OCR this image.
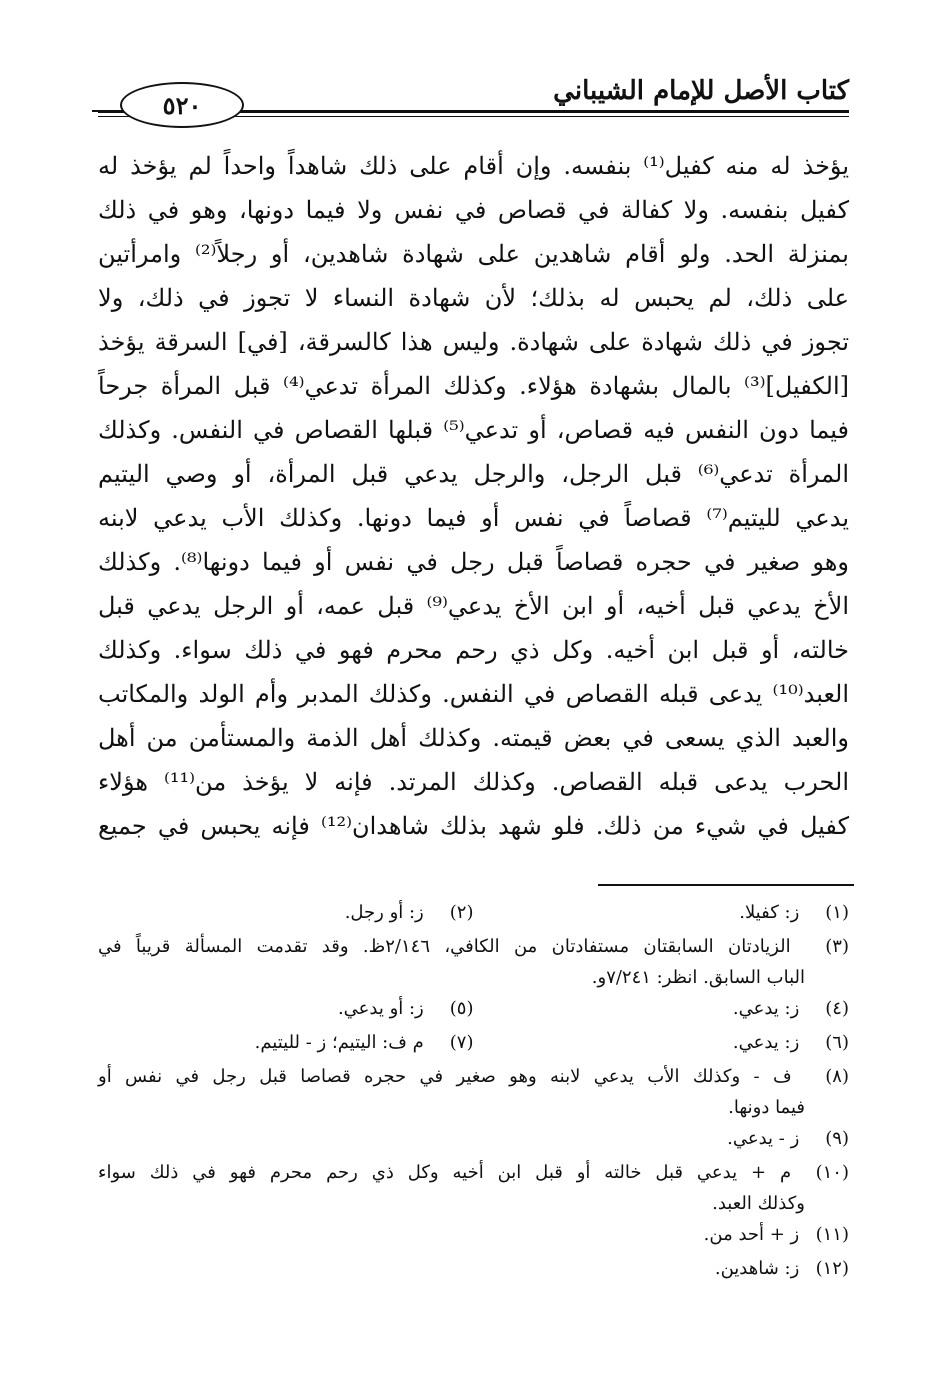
كتاب الأصل للإمام الشيباني
٥٢٠
يؤخذ له منه كفيل⁽¹⁾ بنفسه. وإن أقام على ذلك شاهداً واحداً لم يؤخذ له
كفيل بنفسه. ولا كفالة في قصاص في نفس ولا فيما دونها، وهو في ذلك
بمنزلة الحد. ولو أقام شاهدين على شهادة شاهدين، أو رجلاً⁽²⁾ وامرأتين
على ذلك، لم يحبس له بذلك؛ لأن شهادة النساء لا تجوز في ذلك، ولا
تجوز في ذلك شهادة على شهادة. وليس هذا كالسرقة، [في] السرقة يؤخذ
[الكفيل]⁽³⁾ بالمال بشهادة هؤلاء. وكذلك المرأة تدعي⁽⁴⁾ قبل المرأة جرحاً
فيما دون النفس فيه قصاص، أو تدعي⁽⁵⁾ قبلها القصاص في النفس. وكذلك
المرأة تدعي⁽⁶⁾ قبل الرجل، والرجل يدعي قبل المرأة، أو وصي اليتيم
يدعي لليتيم⁽⁷⁾ قصاصاً في نفس أو فيما دونها. وكذلك الأب يدعي لابنه
وهو صغير في حجره قصاصاً قبل رجل في نفس أو فيما دونها⁽⁸⁾. وكذلك
الأخ يدعي قبل أخيه، أو ابن الأخ يدعي⁽⁹⁾ قبل عمه، أو الرجل يدعي قبل
خالته، أو قبل ابن أخيه. وكل ذي رحم محرم فهو في ذلك سواء. وكذلك
العبد⁽¹⁰⁾ يدعى قبله القصاص في النفس. وكذلك المدبر وأم الولد والمكاتب
والعبد الذي يسعى في بعض قيمته. وكذلك أهل الذمة والمستأمن من أهل
الحرب يدعى قبله القصاص. وكذلك المرتد. فإنه لا يؤخذ من⁽¹¹⁾ هؤلاء
كفيل في شيء من ذلك. فلو شهد بذلك شاهدان⁽¹²⁾ فإنه يحبس في جميع
(١) ز: كفيلا.
(٢) ز: أو رجل.
(٣) الزيادتان السابقتان مستفادتان من الكافي، ٢/١٤٦ظ. وقد تقدمت المسألة قريباً في
الباب السابق. انظر: ٧/٢٤١و.
(٤) ز: يدعي.
(٥) ز: أو يدعي.
(٦) ز: يدعي.
(٧) م ف: اليتيم؛ ز - لليتيم.
(٨) ف - وكذلك الأب يدعي لابنه وهو صغير في حجره قصاصا قبل رجل في نفس أو
فيما دونها.
(٩) ز - يدعي.
(١٠) م + يدعي قبل خالته أو قبل ابن أخيه وكل ذي رحم محرم فهو في ذلك سواء
وكذلك العبد.
(١١) ز + أحد من.
(١٢) ز: شاهدين.
